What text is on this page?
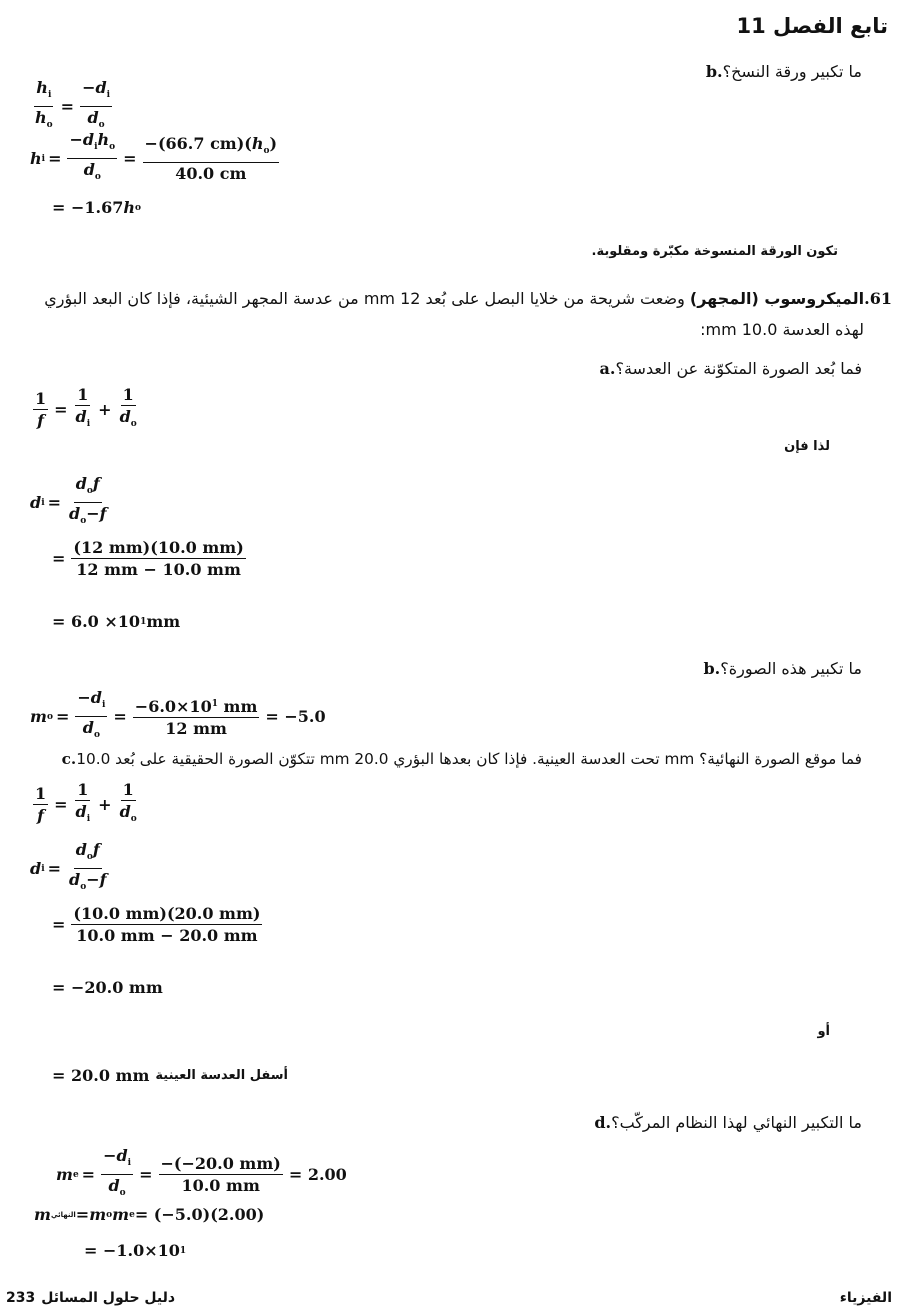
تابع الفصل 11
b.ما تكبير ورقة النسخ؟
$\frac{h_i}{h_o} = \frac{-d_i}{d_o}$
h $i = \frac{-d_ih_o}{d_o} = \frac{-(66.7 cm)(h_o)}{40.0 cm}$
= −1.67 h o
تكون الورقة المنسوخة مكبّرة ومقلوبة.
61.الميكروسوب (المجهر) وضعت شريحة من خلايا البصل على بُعد 12 mm من عدسة المجهر الشيئية، فإذا كان البعد البؤري
لهذه العدسة 10.0 mm:
a.فما بُعد الصورة المتكوّنة عن العدسة؟
$\frac{1}{f} = \frac{1}{d_i} + \frac{1}{d_o}$
لذا فإن
d $i = \frac{d_of}{d_o-f}$
= $\frac{(12 mm)(10.0 mm)}{12 mm - 10.0 mm}$
= 6.0 ×10 1 mm
b.ما تكبير هذه الصورة؟
m $o = \frac{-d_i}{d_o} = \frac{-6.0\times 10^1 mm}{12 mm} = -5.0$
c.تتكوّن الصورة الحقيقية على بُعد 10.0 mm تحت العدسة العينية. فإذا كان بعدها البؤري 20.0 mm فما موقع الصورة النهائية؟
$\frac{1}{f} = \frac{1}{d_i} + \frac{1}{d_o}$
d $i = \frac{d_of}{d_o-f}$
= $\frac{(10.0 mm)(20.0 mm)}{10.0 mm - 20.0 mm}$
= −20.0 mm
أو
= 20.0 mm أسفل العدسة العينية
d.ما التكبير النهائي لهذا النظام المركّب؟
m $e = \frac{-d_i}{d_o} = \frac{-(-20.0 mm)}{10.0 mm} = 2.00$
m النهائي = m o m e = (−5.0)(2.00)
= −1.0×10 1
233 دليل حلول المسائل	الفيزياء
